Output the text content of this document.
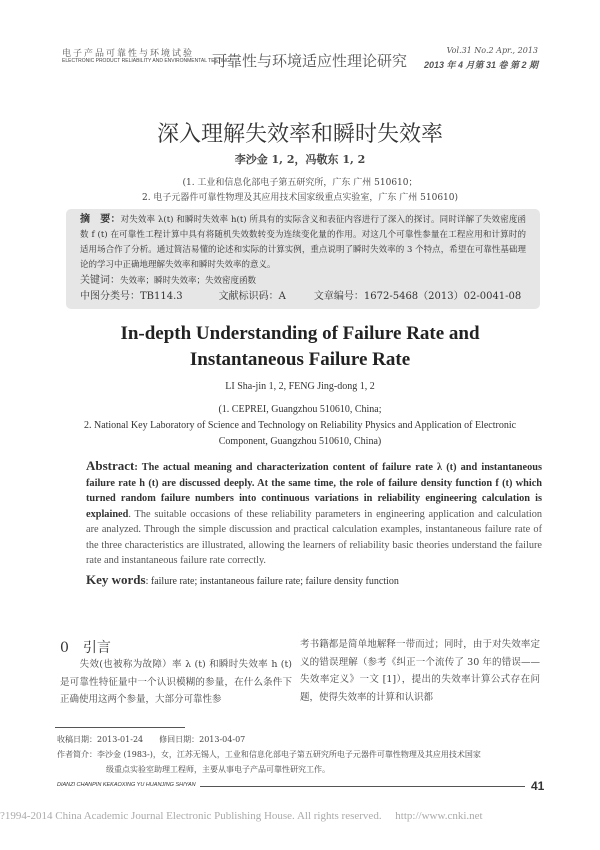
电子产品可靠性与环境试验
ELECTRONIC PRODUCT RELIABILITY AND ENVIRONMENTAL TESTING
可靠性与环境适应性理论研究
Vol.31 No.2 Apr., 2013
2013 年 4 月第 31 卷 第 2 期
深入理解失效率和瞬时失效率
李沙金 1, 2，冯敬东 1, 2
(1. 工业和信息化部电子第五研究所，广东 广州 510610；
2. 电子元器件可靠性物理及其应用技术国家级重点实验室，广东 广州 510610)
摘　要：对失效率 λ(t) 和瞬时失效率 h(t) 所具有的实际含义和表征内容进行了深入的探讨。同时详解了失效密度函数 f (t) 在可靠性工程计算中具有将随机失效数转变为连续变化量的作用。对这几个可靠性参量在工程应用和计算时的适用场合作了分析。通过简洁易懂的论述和实际的计算实例，重点说明了瞬时失效率的 3 个特点，希望在可靠性基础理论的学习中正确地理解失效率和瞬时失效率的意义。
关键词：失效率；瞬时失效率；失效密度函数
中图分类号：TB114.3	文献标识码：A	文章编号：1672-5468（2013）02-0041-08
In-depth Understanding of Failure Rate and
Instantaneous Failure Rate
LI Sha-jin 1, 2, FENG Jing-dong 1, 2
(1. CEPREI, Guangzhou 510610, China;
2. National Key Laboratory of Science and Technology on Reliability Physics and Application of Electronic
Component, Guangzhou 510610, China)
Abstract: The actual meaning and characterization content of failure rate λ (t) and instantaneous failure rate h (t) are discussed deeply. At the same time, the role of failure density function f (t) which turned random failure numbers into continuous variations in reliability engineering calculation is explained. The suitable occasions of these reliability parameters in engineering application and calculation are analyzed. Through the simple discussion and practical calculation examples, instantaneous failure rate of the three characteristics are illustrated, allowing the learners of reliability basic theories understand the failure rate and instantaneous failure rate correctly.
Key words: failure rate; instantaneous failure rate; failure density function
0　引言
　　失效(也被称为故障）率 λ (t) 和瞬时失效率 h (t) 是可靠性特征量中一个认识模糊的参量，在什么条件下正确使用这两个参量，大部分可靠性参
考书籍都是简单地解释一带而过；同时，由于对失效率定义的错误理解（参考《纠正一个流传了 30 年的错误——失效率定义》一文 [1]），提出的失效率计算公式存在问题，使得失效率的计算和认识都
收稿日期：2013-01-24　　修回日期：2013-04-07
作者简介：李沙金 (1983-)，女，江苏无锡人，工业和信息化部电子第五研究所电子元器件可靠性物理及其应用技术国家
级重点实验室助理工程师，主要从事电子产品可靠性研究工作。
DIANZI CHANPIN KEKAOXING YU HUANJING SHIYAN	41
?1994-2014 China Academic Journal Electronic Publishing House. All rights reserved.　 http://www.cnki.net
